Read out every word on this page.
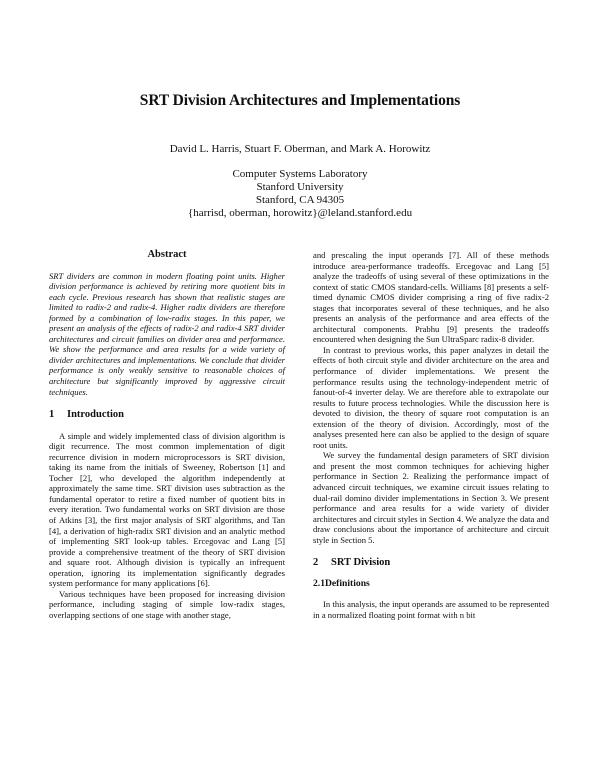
SRT Division Architectures and Implementations

David L. Harris, Stuart F. Oberman, and Mark A. Horowitz

Computer Systems Laboratory
Stanford University
Stanford, CA 94305
{harrisd, oberman, horowitz}@leland.stanford.edu
Abstract

SRT dividers are common in modern floating point units. Higher division performance is achieved by retiring more quotient bits in each cycle. Previous research has shown that realistic stages are limited to radix-2 and radix-4. Higher radix dividers are therefore formed by a combination of low-radix stages. In this paper, we present an analysis of the effects of radix-2 and radix-4 SRT divider architectures and circuit families on divider area and performance. We show the performance and area results for a wide variety of divider architectures and implementations. We conclude that divider performance is only weakly sensitive to reasonable choices of architecture but significantly improved by aggressive circuit techniques.

1 Introduction

A simple and widely implemented class of division algorithm is digit recurrence. The most common implementation of digit recurrence division in modern microprocessors is SRT division, taking its name from the initials of Sweeney, Robertson [1] and Tocher [2], who developed the algorithm independently at approximately the same time. SRT division uses subtraction as the fundamental operator to retire a fixed number of quotient bits in every iteration. Two fundamental works on SRT division are those of Atkins [3], the first major analysis of SRT algorithms, and Tan [4], a derivation of high-radix SRT division and an analytic method of implementing SRT look-up tables. Ercegovac and Lang [5] provide a comprehensive treatment of the theory of SRT division and square root. Although division is typically an infrequent operation, ignoring its implementation significantly degrades system performance for many applications [6].

Various techniques have been proposed for increasing division performance, including staging of simple low-radix stages, overlapping sections of one stage with another stage,

and prescaling the input operands [7]. All of these methods introduce area-performance tradeoffs. Ercegovac and Lang [5] analyze the tradeoffs of using several of these optimizations in the context of static CMOS standard-cells. Williams [8] presents a self-timed dynamic CMOS divider comprising a ring of five radix-2 stages that incorporates several of these techniques, and he also presents an analysis of the performance and area effects of the architectural components. Prabhu [9] presents the tradeoffs encountered when designing the Sun UltraSparc radix-8 divider.

In contrast to previous works, this paper analyzes in detail the effects of both circuit style and divider architecture on the area and performance of divider implementations. We present the performance results using the technology-independent metric of fanout-of-4 inverter delay. We are therefore able to extrapolate our results to future process technologies. While the discussion here is devoted to division, the theory of square root computation is an extension of the theory of division. Accordingly, most of the analyses presented here can also be applied to the design of square root units.

We survey the fundamental design parameters of SRT division and present the most common techniques for achieving higher performance in Section 2. Realizing the performance impact of advanced circuit techniques, we examine circuit issues relating to dual-rail domino divider implementations in Section 3. We present performance and area results for a wide variety of divider architectures and circuit styles in Section 4. We analyze the data and draw conclusions about the importance of architecture and circuit style in Section 5.

2 SRT Division
2.1Definitions

In this analysis, the input operands are assumed to be represented in a normalized floating point format with n bit
